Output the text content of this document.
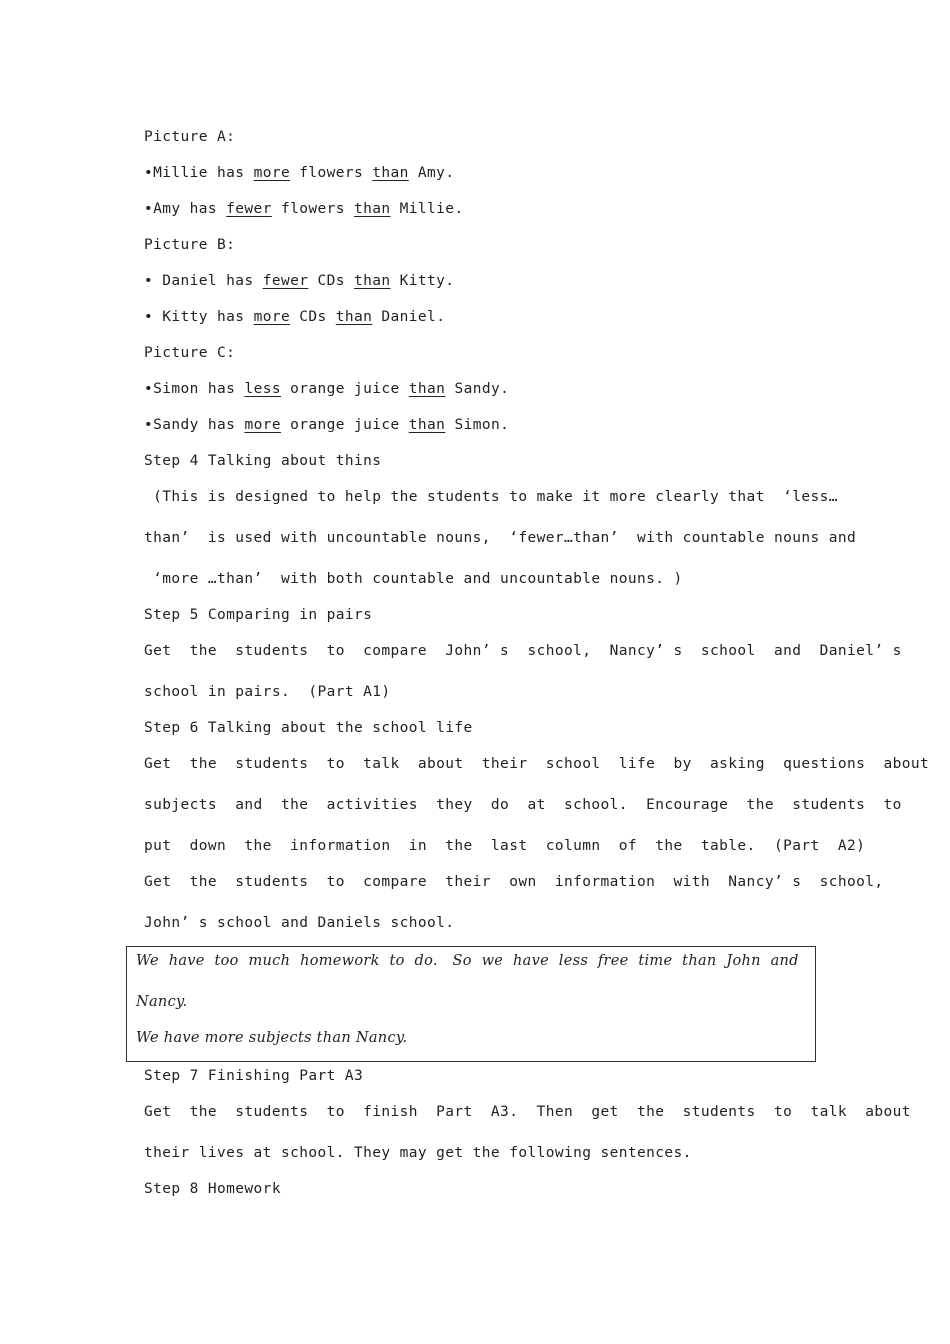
Picture A:

•Millie has more flowers than Amy.

•Amy has fewer flowers than Millie.

Picture B:

• Daniel has fewer CDs than Kitty.

• Kitty has more CDs than Daniel.

Picture C:

•Simon has less orange juice than Sandy.

•Sandy has more orange juice than Simon.

Step 4 Talking about thins

(This is designed to help the students to make it more clearly that  ‘less…

than’  is used with uncountable nouns,  ‘fewer…than’  with countable nouns and

‘more …than’  with both countable and uncountable nouns. )

Step 5 Comparing in pairs

Get  the  students  to  compare  John’ s  school,  Nancy’ s  school  and  Daniel’ s

school in pairs.  (Part A1)

Step 6 Talking about the school life

Get  the  students  to  talk  about  their  school  life  by  asking  questions  about

subjects  and  the  activities  they  do  at  school.  Encourage  the  students  to

put  down  the  information  in  the  last  column  of  the  table.  (Part  A2)

Get  the  students  to  compare  their  own  information  with  Nancy’ s  school,

John’ s school and Daniels school.

We  have  too  much  homework  to  do.   So  we  have  less  free  time  than  John  and

Nancy.

We have more subjects than Nancy.

Step 7 Finishing Part A3

Get  the  students  to  finish  Part  A3.  Then  get  the  students  to  talk  about

their lives at school. They may get the following sentences.

Step 8 Homework
